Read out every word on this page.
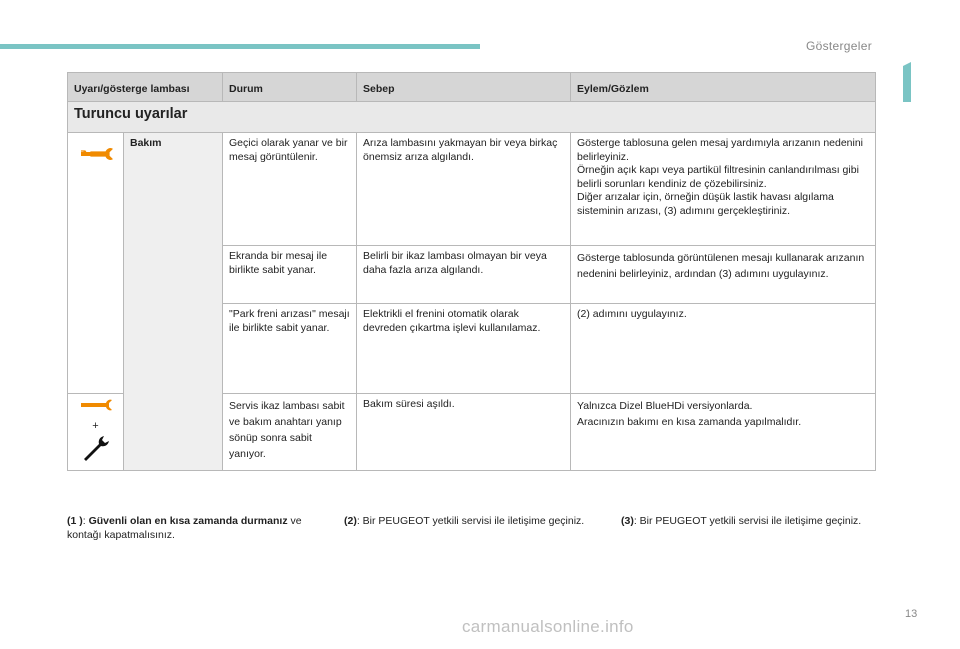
Göstergeler
Uyarı/gösterge lambası		Durum	Sebep	Eylem/Gözlem
Turuncu uyarılar				
	Bakım	Geçici olarak yanar ve bir mesaj görüntülenir.	Arıza lambasını yakmayan bir veya birkaç önemsiz arıza algılandı.	Gösterge tablosuna gelen mesaj yardımıyla arızanın nedenini belirleyiniz.
Örneğin açık kapı veya partikül filtresinin canlandırılması gibi belirli sorunları kendiniz de çözebilirsiniz.
Diğer arızalar için, örneğin düşük lastik havası algılama sisteminin arızası, (3) adımını gerçekleştiriniz.
		Ekranda bir mesaj ile birlikte sabit yanar.	Belirli bir ikaz lambası olmayan bir veya daha fazla arıza algılandı.	Gösterge tablosunda görüntülenen mesajı kullanarak arızanın nedenini belirleyiniz, ardından (3) adımını uygulayınız.
		"Park freni arızası" mesajı ile birlikte sabit yanar.	Elektrikli el frenini otomatik olarak devreden çıkartma işlevi kullanılamaz.	(2) adımını uygulayınız.

+		Servis ikaz lambası sabit ve bakım anahtarı yanıp sönüp sonra sabit yanıyor.	Bakım süresi aşıldı.	Yalnızca Dizel BlueHDi versiyonlarda.
Aracınızın bakımı en kısa zamanda yapılmalıdır.
(1 ): Güvenli olan en kısa zamanda durmanız ve kontağı kapatmalısınız.
(2): Bir PEUGEOT yetkili servisi ile iletişime geçiniz.	(3): Bir PEUGEOT yetkili servisi ile iletişime geçiniz.
13
carmanualsonline.info
